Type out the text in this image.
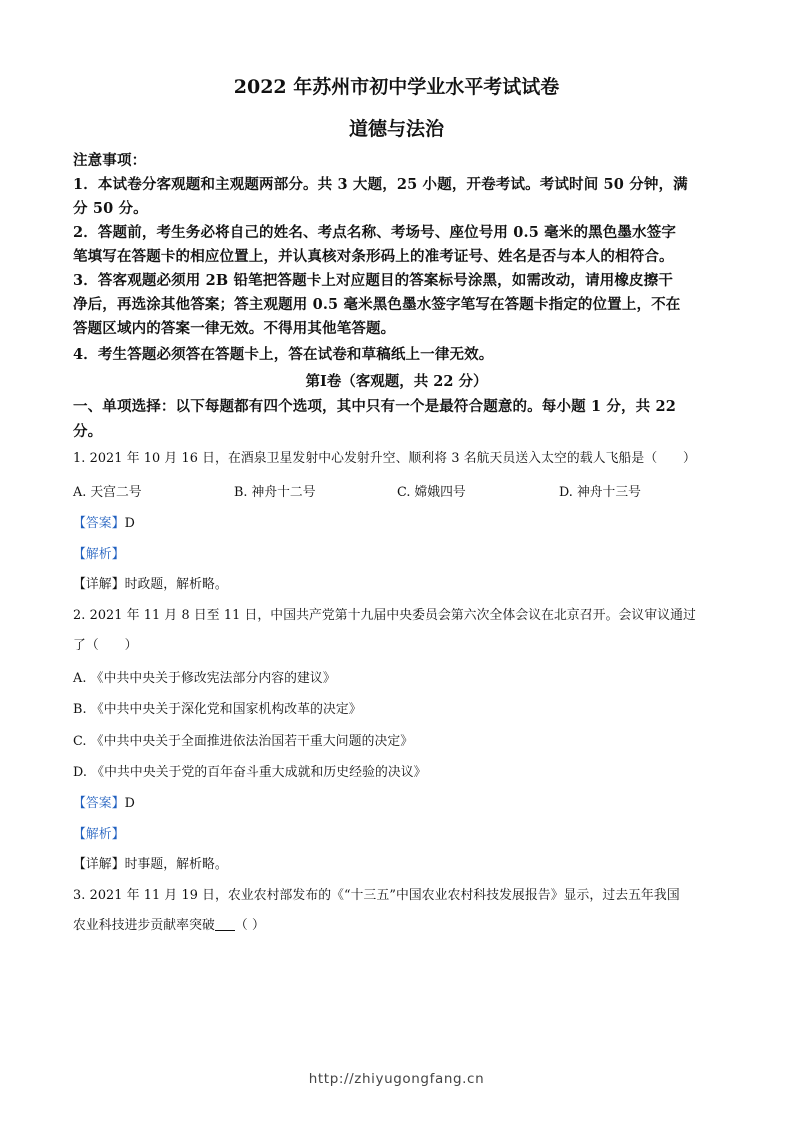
2022 年苏州市初中学业水平考试试卷
道德与法治
注意事项：
1．本试卷分客观题和主观题两部分。共 3 大题，25 小题，开卷考试。考试时间 50 分钟，满
分 50 分。
2．答题前，考生务必将自己的姓名、考点名称、考场号、座位号用 0.5 毫米的黑色墨水签字
笔填写在答题卡的相应位置上，并认真核对条形码上的准考证号、姓名是否与本人的相符合。
3．答客观题必须用 2B 铅笔把答题卡上对应题目的答案标号涂黑，如需改动，请用橡皮擦干
净后，再选涂其他答案；答主观题用 0.5 毫米黑色墨水签字笔写在答题卡指定的位置上，不在
答题区域内的答案一律无效。不得用其他笔答题。
4．考生答题必须答在答题卡上，答在试卷和草稿纸上一律无效。
第Ⅰ卷（客观题，共 22 分）
一、单项选择：以下每题都有四个选项，其中只有一个是最符合题意的。每小题 1 分，共 22
分。
1. 2021 年 10 月 16 日，在酒泉卫星发射中心发射升空、顺利将 3 名航天员送入太空的载人飞船是（　　）
A. 天宫二号	B. 神舟十二号	C. 嫦娥四号	D. 神舟十三号
【答案】D
【解析】
【详解】时政题，解析略。
2. 2021 年 11 月 8 日至 11 日，中国共产党第十九届中央委员会第六次全体会议在北京召开。会议审议通过
了（　　）
A. 《中共中央关于修改宪法部分内容的建议》
B. 《中共中央关于深化党和国家机构改革的决定》
C. 《中共中央关于全面推进依法治国若干重大问题的决定》
D. 《中共中央关于党的百年奋斗重大成就和历史经验的决议》
【答案】D
【解析】
【详解】时事题，解析略。
3. 2021 年 11 月 19 日，农业农村部发布的《“十三五”中国农业农村科技发展报告》显示，过去五年我国
农业科技进步贡献率突破 （ ）
http://zhiyugongfang.cn
